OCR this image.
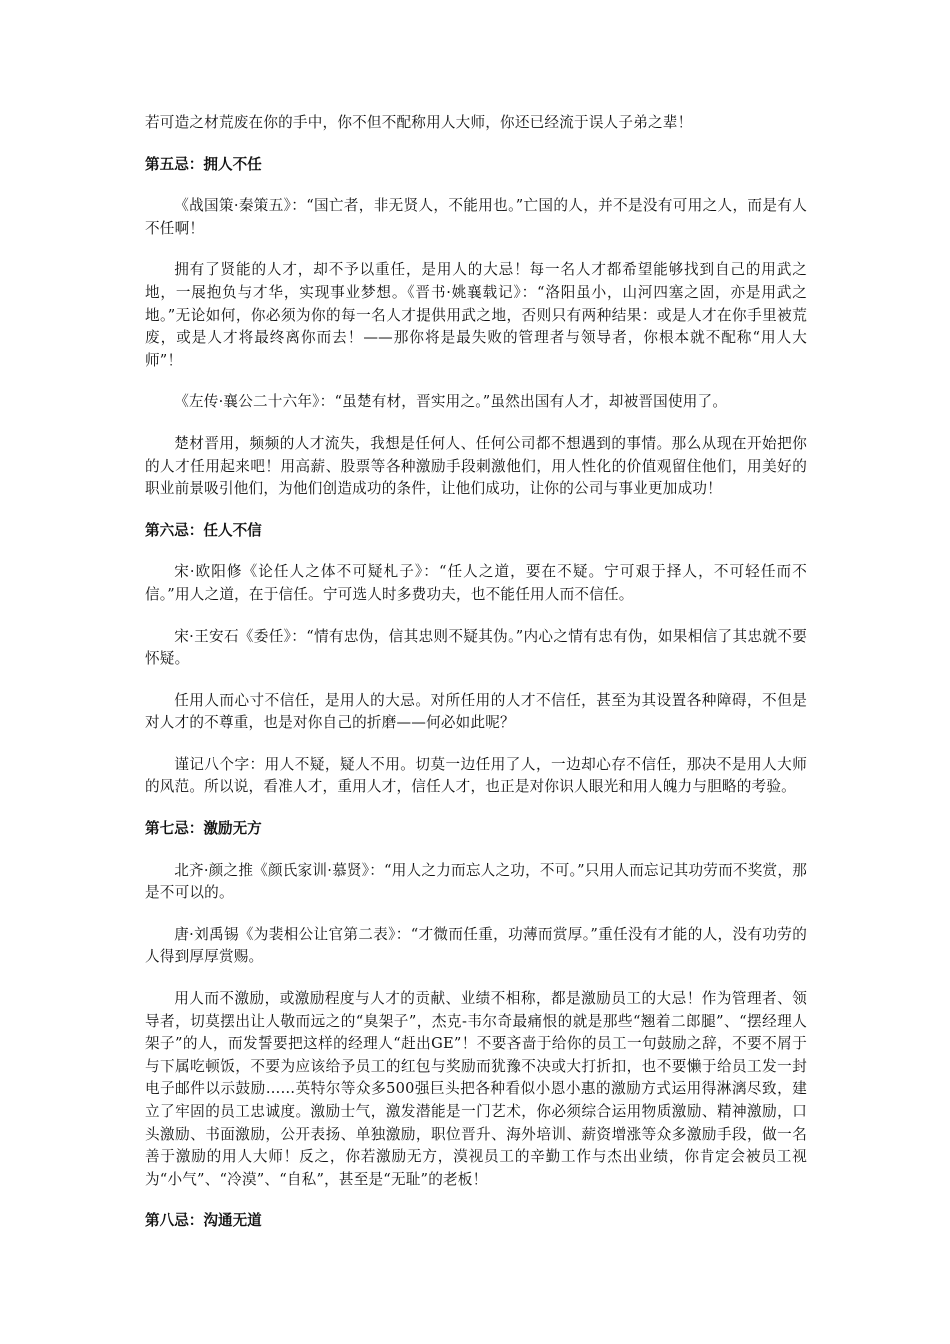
若可造之材荒废在你的手中，你不但不配称用人大师，你还已经流于误人子弟之辈！

第五忌：拥人不任

《战国策·秦策五》：“国亡者，非无贤人，不能用也。”亡国的人，并不是没有可用之人，而是有人不任啊！

拥有了贤能的人才，却不予以重任，是用人的大忌！每一名人才都希望能够找到自己的用武之地，一展抱负与才华，实现事业梦想。《晋书·姚襄载记》：“洛阳虽小，山河四塞之固，亦是用武之地。”无论如何，你必须为你的每一名人才提供用武之地，否则只有两种结果：或是人才在你手里被荒废，或是人才将最终离你而去！——那你将是最失败的管理者与领导者，你根本就不配称“用人大师”！

《左传·襄公二十六年》：“虽楚有材，晋实用之。”虽然出国有人才，却被晋国使用了。

楚材晋用，频频的人才流失，我想是任何人、任何公司都不想遇到的事情。那么从现在开始把你的人才任用起来吧！用高薪、股票等各种激励手段刺激他们，用人性化的价值观留住他们，用美好的职业前景吸引他们，为他们创造成功的条件，让他们成功，让你的公司与事业更加成功！

第六忌：任人不信

宋·欧阳修《论任人之体不可疑札子》：“任人之道，要在不疑。宁可艰于择人，不可轻任而不信。”用人之道，在于信任。宁可选人时多费功夫，也不能任用人而不信任。

宋·王安石《委任》：“情有忠伪，信其忠则不疑其伪。”内心之情有忠有伪，如果相信了其忠就不要怀疑。

任用人而心寸不信任，是用人的大忌。对所任用的人才不信任，甚至为其设置各种障碍，不但是对人才的不尊重，也是对你自己的折磨——何必如此呢？

谨记八个字：用人不疑，疑人不用。切莫一边任用了人，一边却心存不信任，那决不是用人大师的风范。所以说，看准人才，重用人才，信任人才，也正是对你识人眼光和用人魄力与胆略的考验。

第七忌：激励无方

北齐·颜之推《颜氏家训·慕贤》：“用人之力而忘人之功，不可。”只用人而忘记其功劳而不奖赏，那是不可以的。

唐·刘禹锡《为裴相公让官第二表》：“才微而任重，功薄而赏厚。”重任没有才能的人，没有功劳的人得到厚厚赏赐。

用人而不激励，或激励程度与人才的贡献、业绩不相称，都是激励员工的大忌！作为管理者、领导者，切莫摆出让人敬而远之的“臭架子”，杰克-韦尔奇最痛恨的就是那些“翘着二郎腿”、“摆经理人架子”的人，而发誓要把这样的经理人“赶出GE”！不要吝啬于给你的员工一句鼓励之辞，不要不屑于与下属吃顿饭，不要为应该给予员工的红包与奖励而犹豫不决或大打折扣，也不要懒于给员工发一封电子邮件以示鼓励……英特尔等众多500强巨头把各种看似小恩小惠的激励方式运用得淋漓尽致，建立了牢固的员工忠诚度。激励士气，激发潜能是一门艺术，你必须综合运用物质激励、精神激励，口头激励、书面激励，公开表扬、单独激励，职位晋升、海外培训、薪资增涨等众多激励手段，做一名善于激励的用人大师！反之，你若激励无方，漠视员工的辛勤工作与杰出业绩，你肯定会被员工视为“小气”、“冷漠”、“自私”，甚至是“无耻”的老板！

第八忌：沟通无道
